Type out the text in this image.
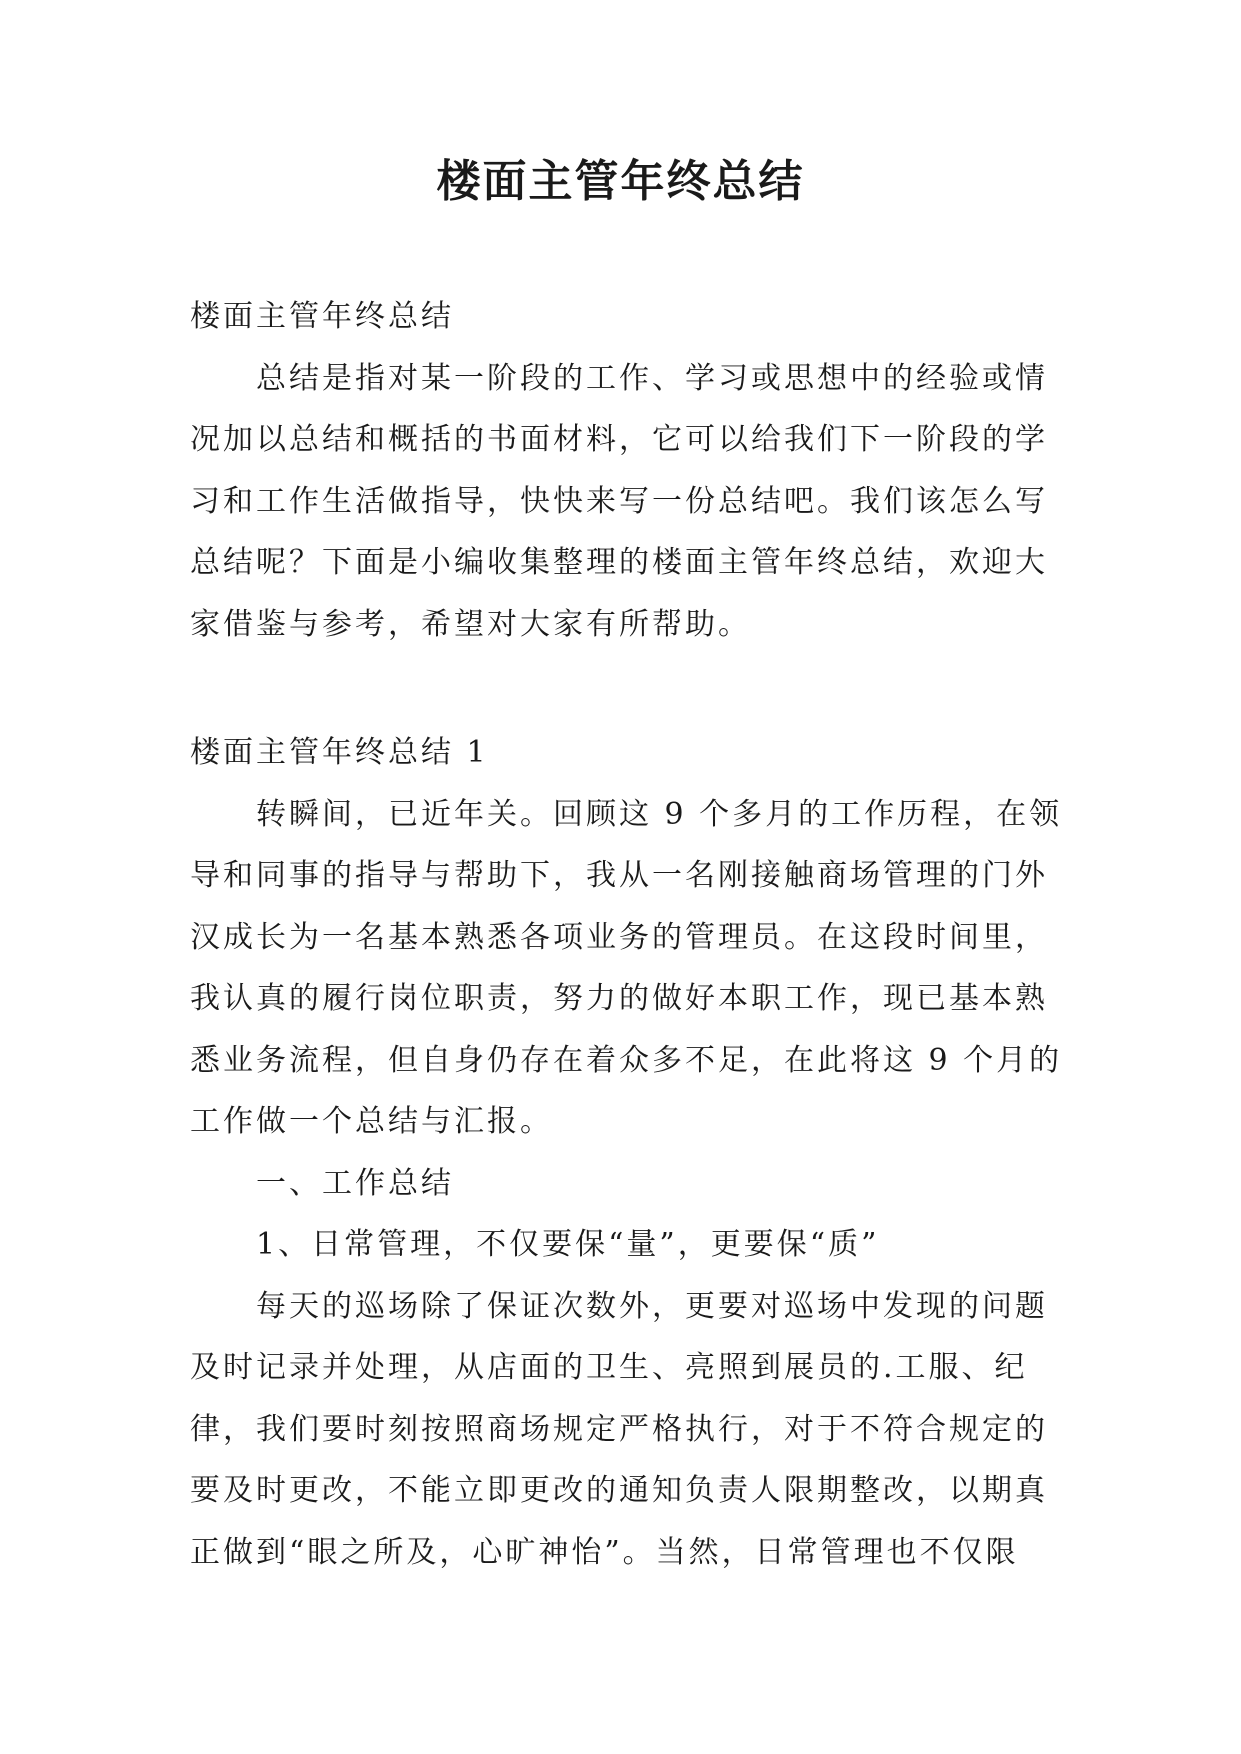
楼面主管年终总结
楼面主管年终总结
总结是指对某一阶段的工作、学习或思想中的经验或情
况加以总结和概括的书面材料，它可以给我们下一阶段的学
习和工作生活做指导，快快来写一份总结吧。我们该怎么写
总结呢？下面是小编收集整理的楼面主管年终总结，欢迎大
家借鉴与参考，希望对大家有所帮助。
楼面主管年终总结 1
转瞬间，已近年关。回顾这 9 个多月的工作历程，在领
导和同事的指导与帮助下，我从一名刚接触商场管理的门外
汉成长为一名基本熟悉各项业务的管理员。在这段时间里，
我认真的履行岗位职责，努力的做好本职工作，现已基本熟
悉业务流程，但自身仍存在着众多不足，在此将这 9 个月的
工作做一个总结与汇报。
一、工作总结
1、日常管理，不仅要保“量”，更要保“质”
每天的巡场除了保证次数外，更要对巡场中发现的问题
及时记录并处理，从店面的卫生、亮照到展员的.工服、纪
律，我们要时刻按照商场规定严格执行，对于不符合规定的
要及时更改，不能立即更改的通知负责人限期整改，以期真
正做到“眼之所及，心旷神怡”。当然，日常管理也不仅限
